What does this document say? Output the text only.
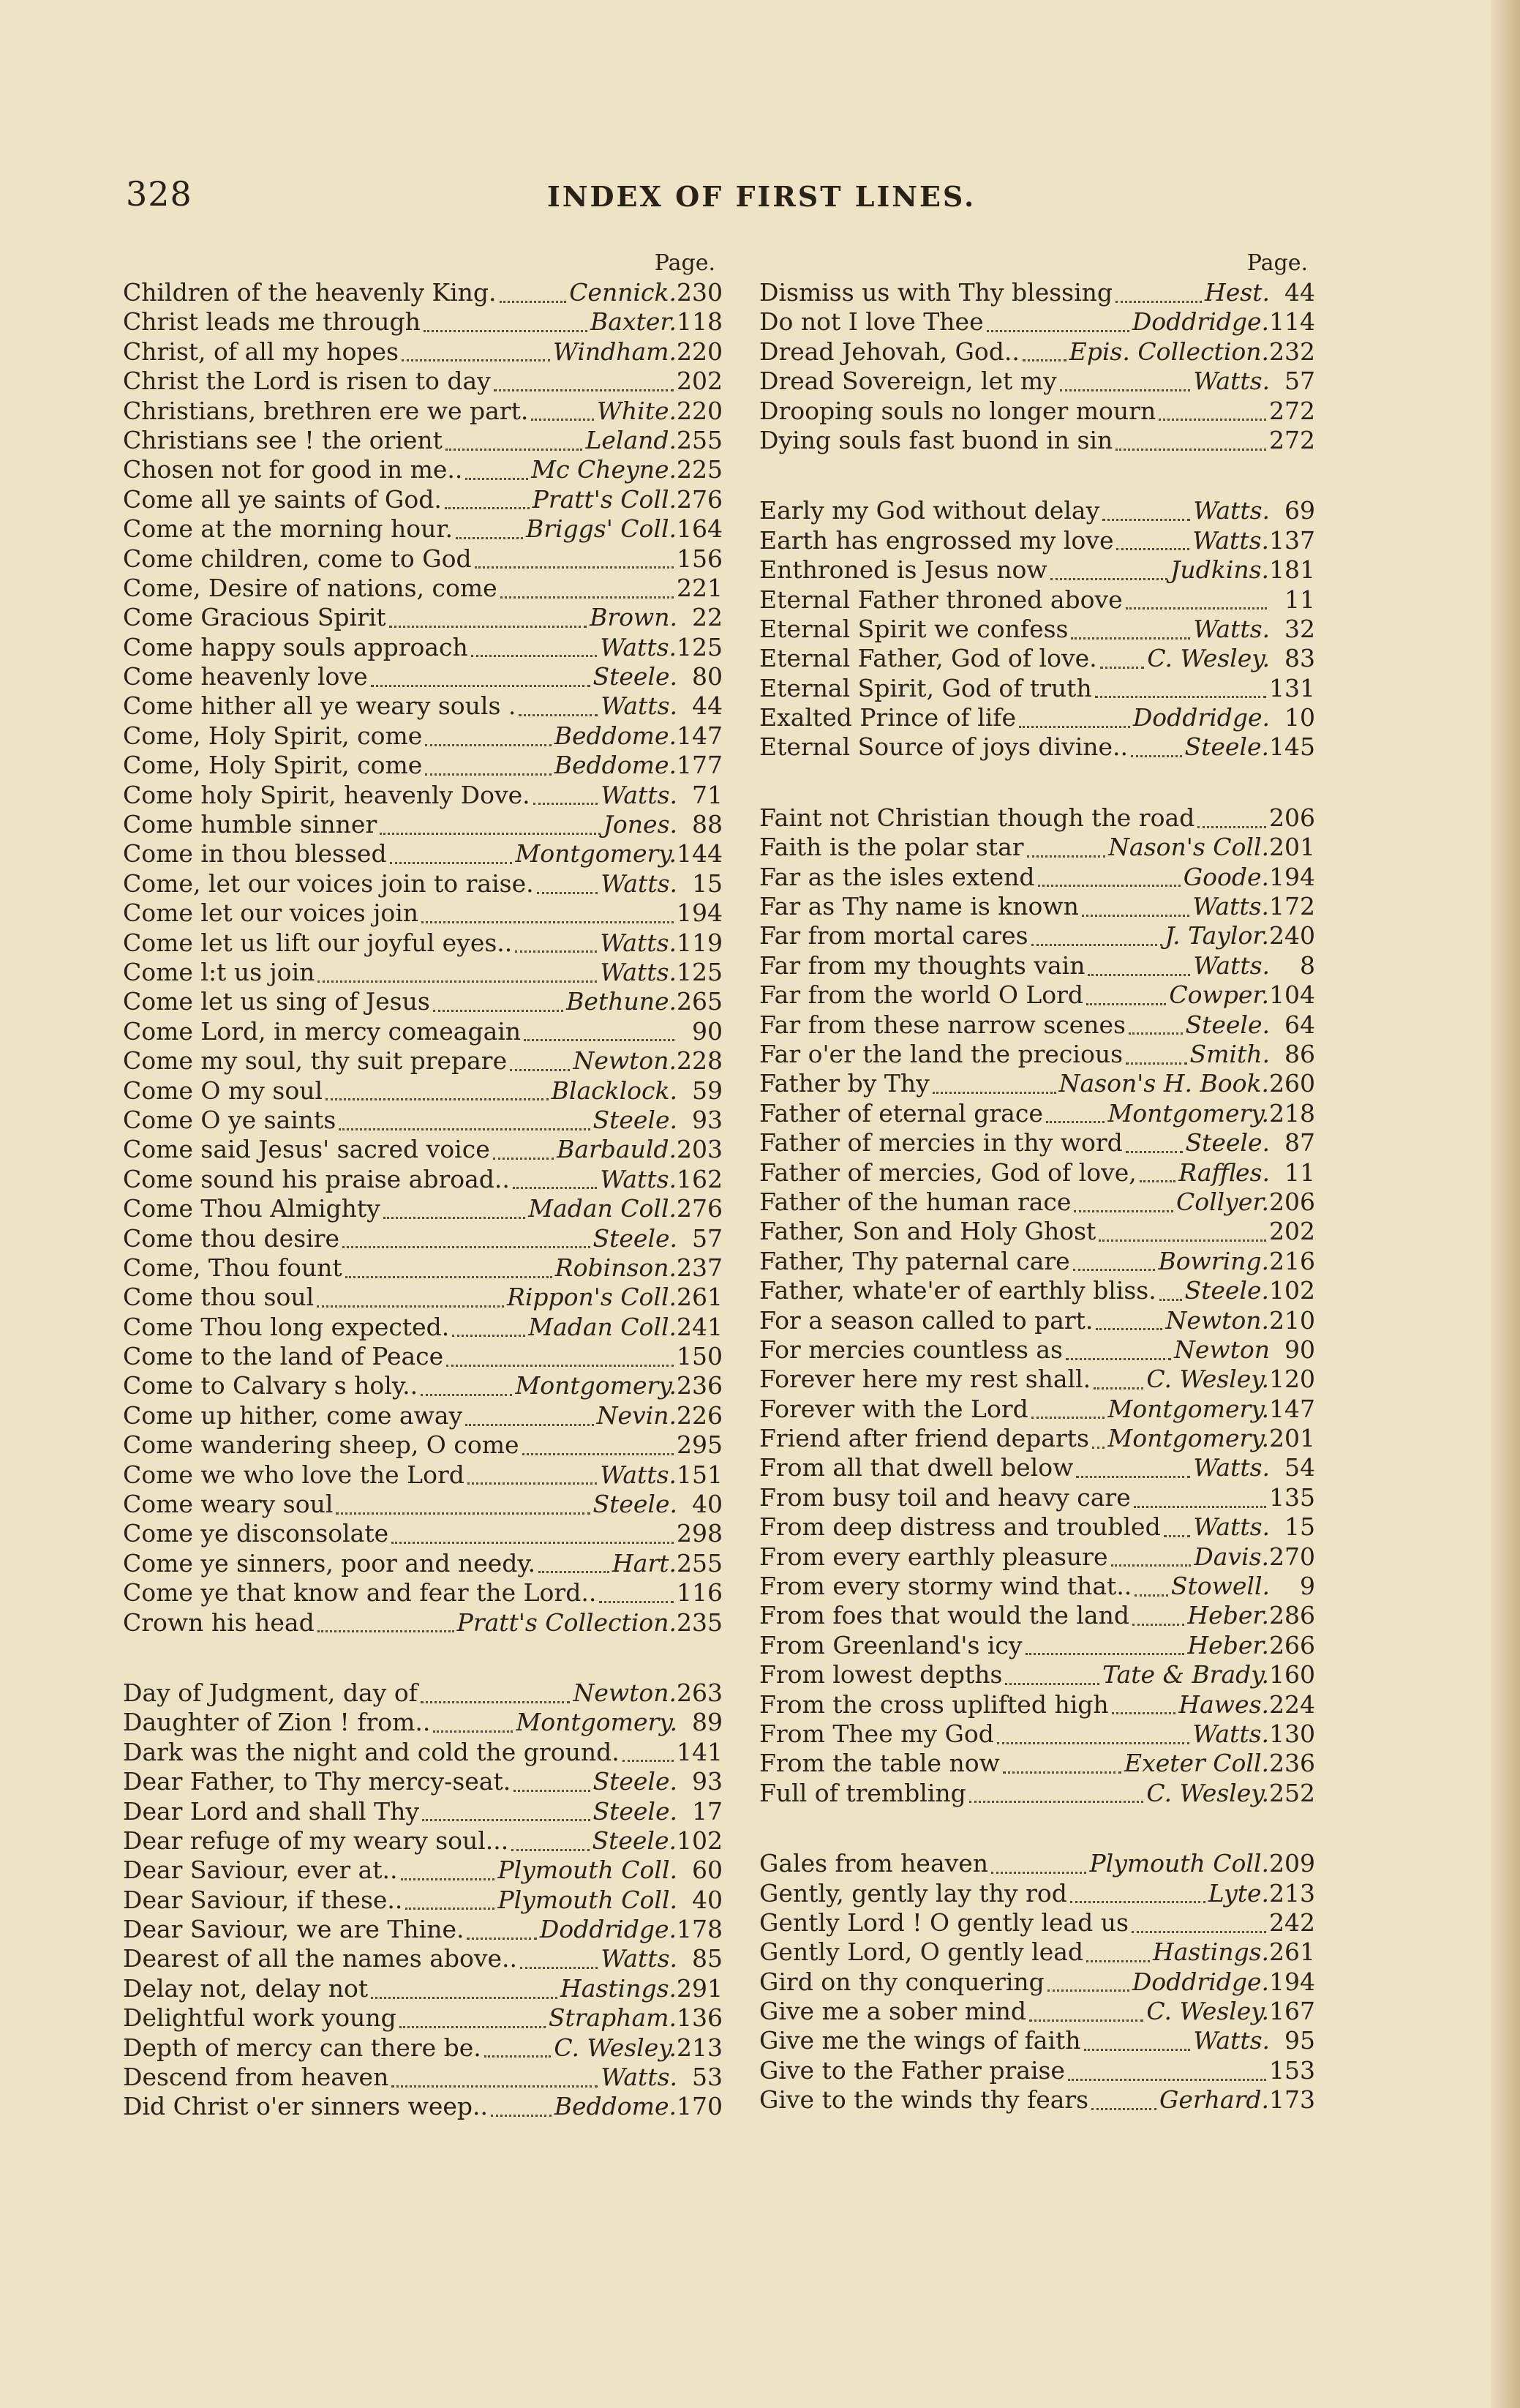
328	INDEX OF FIRST LINES.
Page.
Children of the heavenly King.	Cennick. 230
Christ leads me through	Baxter. 118
Christ, of all my hopes	Windham. 220
Christ the Lord is risen to day	202
Christians, brethren ere we part.	White. 220
Christians see ! the orient	Leland. 255
Chosen not for good in me..	Mc Cheyne. 225
Come all ye saints of God.	Pratt's Coll. 276
Come at the morning hour.	Briggs' Coll. 164
Come children, come to God	156
Come, Desire of nations, come	221
Come Gracious Spirit	Brown. 22
Come happy souls approach	Watts. 125
Come heavenly love	Steele. 80
Come hither all ye weary souls .	Watts. 44
Come, Holy Spirit, come	Beddome. 147
Come, Holy Spirit, come	Beddome. 177
Come holy Spirit, heavenly Dove.	Watts. 71
Come humble sinner	Jones. 88
Come in thou blessed	Montgomery. 144
Come, let our voices join to raise.	Watts. 15
Come let our voices join	194
Come let us lift our joyful eyes..	Watts. 119
Come l:t us join	Watts. 125
Come let us sing of Jesus	Bethune. 265
Come Lord, in mercy comeagain	90
Come my soul, thy suit prepare	Newton. 228
Come O my soul	Blacklock. 59
Come O ye saints	Steele. 93
Come said Jesus' sacred voice	Barbauld. 203
Come sound his praise abroad..	Watts. 162
Come Thou Almighty	Madan Coll. 276
Come thou desire	Steele. 57
Come, Thou fount	Robinson. 237
Come thou soul	Rippon's Coll. 261
Come Thou long expected.	Madan Coll. 241
Come to the land of Peace	150
Come to Calvary s holy..	Montgomery. 236
Come up hither, come away	Nevin. 226
Come wandering sheep, O come	295
Come we who love the Lord	Watts. 151
Come weary soul	Steele. 40
Come ye disconsolate	298
Come ye sinners, poor and needy.	Hart. 255
Come ye that know and fear the Lord..	116
Crown his head	Pratt's Collection. 235
Day of Judgment, day of	Newton. 263
Daughter of Zion ! from..	Montgomery. 89
Dark was the night and cold the ground. 141
Dear Father, to Thy mercy-seat.	Steele. 93
Dear Lord and shall Thy	Steele. 17
Dear refuge of my weary soul...	Steele. 102
Dear Saviour, ever at..	Plymouth Coll. 60
Dear Saviour, if these..	Plymouth Coll. 40
Dear Saviour, we are Thine.	Doddridge. 178
Dearest of all the names above..	Watts. 85
Delay not, delay not	Hastings. 291
Delightful work young	Strapham. 136
Depth of mercy can there be.	C. Wesley. 213
Descend from heaven	Watts. 53
Did Christ o'er sinners weep..	Beddome. 170
Page.
Dismiss us with Thy blessing	Hest. 44
Do not I love Thee	Doddridge. 114
Dread Jehovah, God.. Epis. Collection. 232
Dread Sovereign, let my	Watts. 57
Drooping souls no longer mourn	272
Dying souls fast buond in sin	272
Early my God without delay	Watts. 69
Earth has engrossed my love	Watts. 137
Enthroned is Jesus now	Judkins. 181
Eternal Father throned above	11
Eternal Spirit we confess	Watts. 32
Eternal Father, God of love. C. Wesley. 83
Eternal Spirit, God of truth	131
Exalted Prince of life	Doddridge. 10
Eternal Source of joys divine.. Steele. 145
Faint not Christian though the road	206
Faith is the polar star	Nason's Coll. 201
Far as the isles extend	Goode. 194
Far as Thy name is known	Watts. 172
Far from mortal cares	J. Taylor. 240
Far from my thoughts vain	Watts.	8
Far from the world O Lord	Cowper. 104
Far from these narrow scenes Steele. 64
Far o'er the land the precious	Smith. 86
Father by Thy	Nason's H. Book. 260
Father of eternal grace	Montgomery. 218
Father of mercies in thy word	Steele. 87
Father of mercies, God of love, Raffles. 11
Father of the human race	Collyer. 206
Father, Son and Holy Ghost	202
Father, Thy paternal care	Bowring. 216
Father, whate'er of earthly bliss. Steele. 102
For a season called to part.	Newton. 210
For mercies countless as	Newton 90
Forever here my rest shall. C. Wesley. 120
Forever with the Lord	Montgomery. 147
Friend after friend departs Montgomery. 201
From all that dwell below	Watts. 54
From busy toil and heavy care	135
From deep distress and troubled Watts. 15
From every earthly pleasure	Davis. 270
From every stormy wind that.. Stowell.	9
From foes that would the land Heber. 286
From Greenland's icy	Heber. 266
From lowest depths	Tate & Brady. 160
From the cross uplifted high	Hawes. 224
From Thee my God	Watts. 130
From the table now	Exeter Coll. 236
Full of trembling	C. Wesley. 252
Gales from heaven	Plymouth Coll. 209
Gently, gently lay thy rod	Lyte. 213
Gently Lord ! O gently lead us	242
Gently Lord, O gently lead	Hastings. 261
Gird on thy conquering	Doddridge. 194
Give me a sober mind	C. Wesley. 167
Give me the wings of faith	Watts. 95
Give to the Father praise	153
Give to the winds thy fears	Gerhard. 173
